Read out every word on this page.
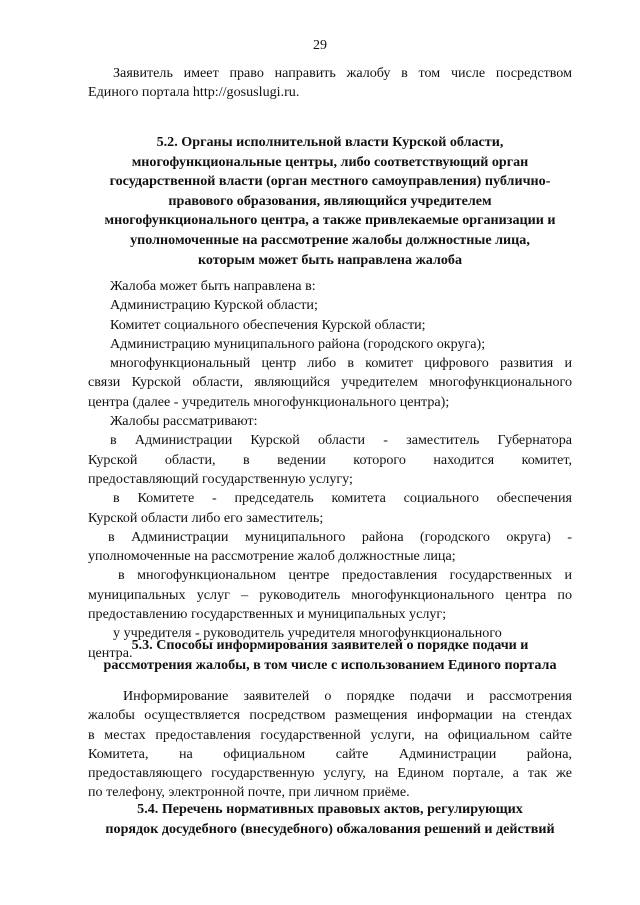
29
Заявитель имеет право направить жалобу в том числе посредством
Единого портала http://gosuslugi.ru.
5.2. Органы исполнительной власти Курской области,
многофункциональные центры, либо соответствующий орган
государственной власти (орган местного самоуправления) публично-
правового образования, являющийся учредителем
многофункционального центра, а также привлекаемые организации и
уполномоченные на рассмотрение жалобы должностные лица,
которым может быть направлена жалоба
Жалоба может быть направлена в:
Администрацию Курской области;
Комитет социального обеспечения Курской области;
Администрацию муниципального района (городского округа);
многофункциональный центр либо в комитет цифрового развития и
связи Курской области, являющийся учредителем многофункционального
центра (далее - учредитель многофункционального центра);
Жалобы рассматривают:
в Администрации Курской области - заместитель Губернатора
Курской области, в ведении которого находится комитет,
предоставляющий государственную услугу;
в Комитете - председатель комитета социального обеспечения
Курской области либо его заместитель;
в Администрации муниципального района (городского округа) -
уполномоченные на рассмотрение жалоб должностные лица;
в многофункциональном центре предоставления государственных и
муниципальных услуг – руководитель многофункционального центра по
предоставлению государственных и муниципальных услуг;
у учредителя - руководитель учредителя многофункционального
центра. 5.3. Способы информирования заявителей о порядке подачи и
рассмотрения жалобы, в том числе с использованием Единого портала
Информирование заявителей о порядке подачи и рассмотрения
жалобы осуществляется посредством размещения информации на стендах
в местах предоставления государственной услуги, на официальном сайте
Комитета, на официальном сайте Администрации района,
предоставляющего государственную услугу, на Едином портале, а так же
по телефону, электронной почте, при личном приёме.
5.4. Перечень нормативных правовых актов, регулирующих
порядок досудебного (внесудебного) обжалования решений и действий
